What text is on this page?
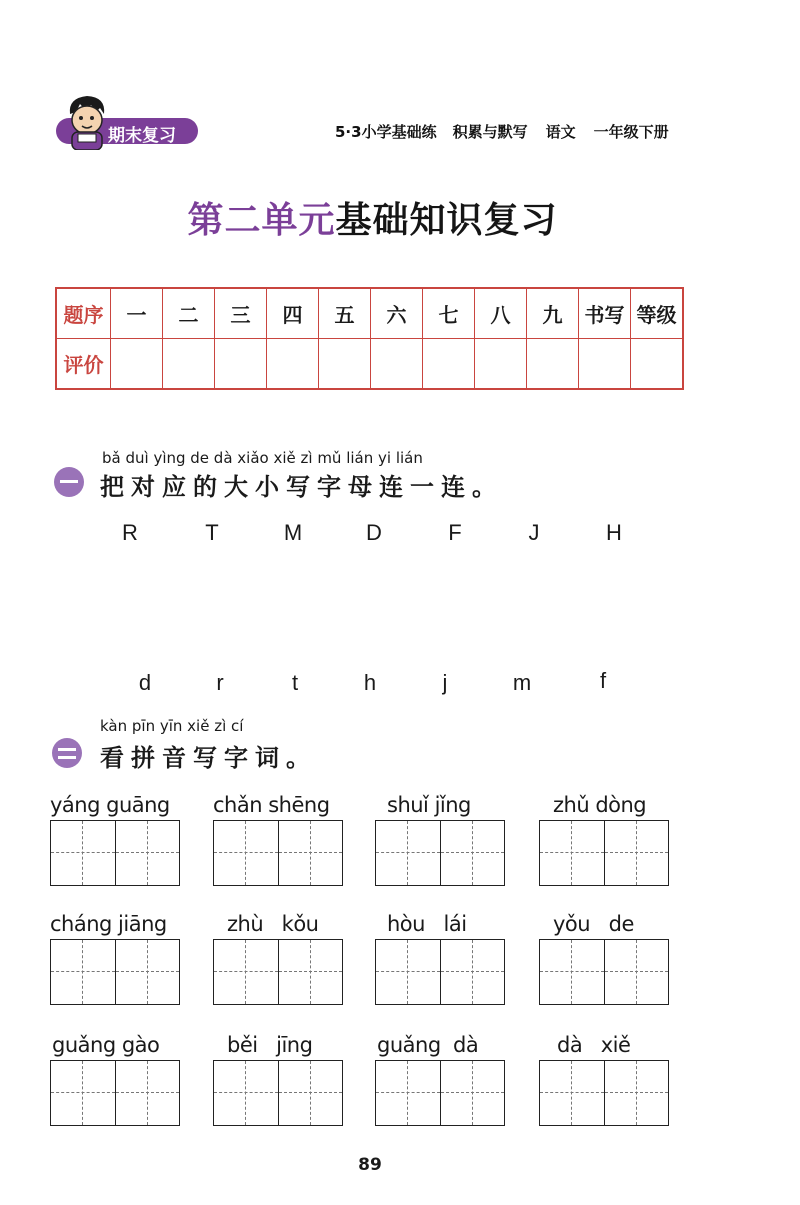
期末复习	5·3小学基础练 积累与默写 语文 一年级下册
第二单元基础知识复习
题序	一	二	三	四	五	六	七	八	九	书写	等级
评价											
bǎ duì yìng de dà xiǎo xiě zì mǔ lián yi lián
把对应的大小写字母连一连。
R	T	M	D	F	J	H
d	r	t	h	j	m	f
kàn pīn yīn xiě zì cí
看拼音写字词。
yáng guāng	chǎn shēng	shuǐ jǐng	zhǔ dòng
cháng jiāng	zhù   kǒu	hòu   lái	yǒu   de
guǎng gào	běi   jīng	guǎng  dà	dà   xiě
89
